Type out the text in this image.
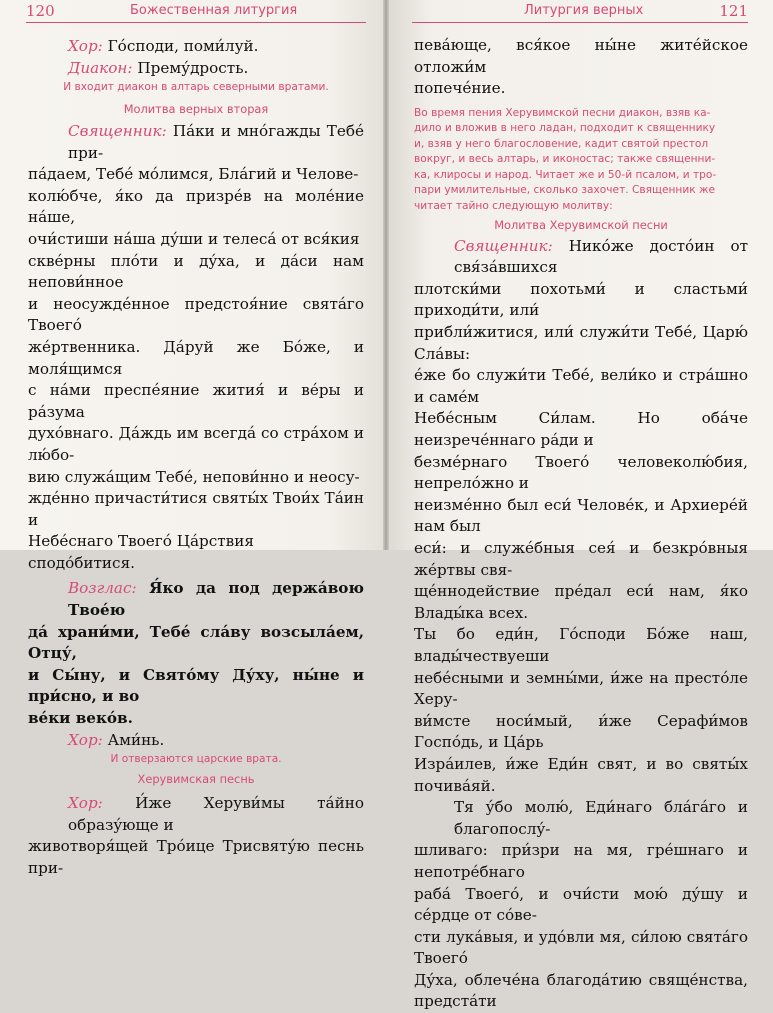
120	Божественная литургия

Хор: Го́споди, поми́луй.

Диакон: Прему́дрость.

И входит диакон в алтарь северными вратами.

Молитва верных вторая

Священник: Па́ки и мно́гажды Тебе́ при-

па́даем, Тебе́ мо́лимся, Бла́гий и Челове-

колю́бче, я́ко да призре́в на моле́ние на́ше,

очи́стиши на́ша ду́ши и телеса́ от вся́кия

скве́рны пло́ти и ду́ха, и да́си нам непови́нное

и неосужде́нное предстоя́ние свята́го Твоего́

же́ртвенника. Да́руй же Бо́же, и моля́щимся

с на́ми преспе́яние жития́ и ве́ры и ра́зума

духо́внаго. Да́ждь им всегда́ со стра́хом и лю́бо-

вию служа́щим Тебе́, непови́нно и неосу-

жде́нно причасти́тися святы́х Твои́х Та́ин и

Небе́снаго Твоего́ Ца́рствия сподо́битися.

Возглас: Я́ко да под держа́вою Твое́ю

да́ храни́ми, Тебе́ сла́ву возсыла́ем, Отцу́,

и Сы́ну, и Свято́му Ду́ху, ны́не и при́сно, и во

ве́ки веко́в.

Хор: Ами́нь.

И отверзаются царские врата.

Херувимская песнь

Хор: И́же Херуви́мы та́йно образу́юще и

животворя́щей Тро́ице Трисвяту́ю песнь при-

Литургия верных	121

пева́юще, вся́кое ны́не жите́йское отложи́м

попече́ние.

Во время пения Херувимской песни диакон, взяв ка-

дило и вложив в него ладан, подходит к священнику

и, взяв у него благословение, кадит святой престол

вокруг, и весь алтарь, и иконостас; также священни-

ка, клиросы и народ. Читает же и 50-й псалом, и тро-

пари умилительные, сколько захочет. Священник же

читает тайно следующую молитву:

Молитва Херувимской песни

Священник: Нико́же досто́ин от свя́за́вшихся

плотски́ми похотьми́ и сластьми́ приходи́ти, или́

прибли́житися, или́ служи́ти Тебе́, Царю́ Сла́вы:

е́же бо служи́ти Тебе́, вели́ко и стра́шно и самéм

Небе́сным Си́лам. Но оба́че неизрече́ннаго ра́ди и

безме́рнаго Твоего́ человеколю́бия, непрело́жно и

неизме́нно был еси́ Челове́к, и Архиере́й нам был

еси́: и служе́бныя сея́ и безкро́вныя же́ртвы свя-

ще́ннодействие пре́дал еси́ нам, я́ко Влады́ка всех.

Ты бо еди́н, Го́споди Бо́же наш, влады́чествуеши

небе́сными и земны́ми, и́же на престо́ле Херу-

ви́мсте носи́мый, и́же Серафи́мов Госпо́дь, и Ца́рь

Изра́илев, и́же Еди́н свят, и во святы́х почива́яй.

Тя у́бо молю́, Еди́наго бла́га́го и благопослу́-

шливаго: при́зри на мя, гре́шнаго и непотре́бнаго

раба́ Твоего́, и очи́сти мою́ ду́шу и се́рдце от со́ве-

сти лука́выя, и удо́вли мя, си́лою свята́го Твоего́

Ду́ха, облече́на благода́тию свяще́нства, предста́ти
